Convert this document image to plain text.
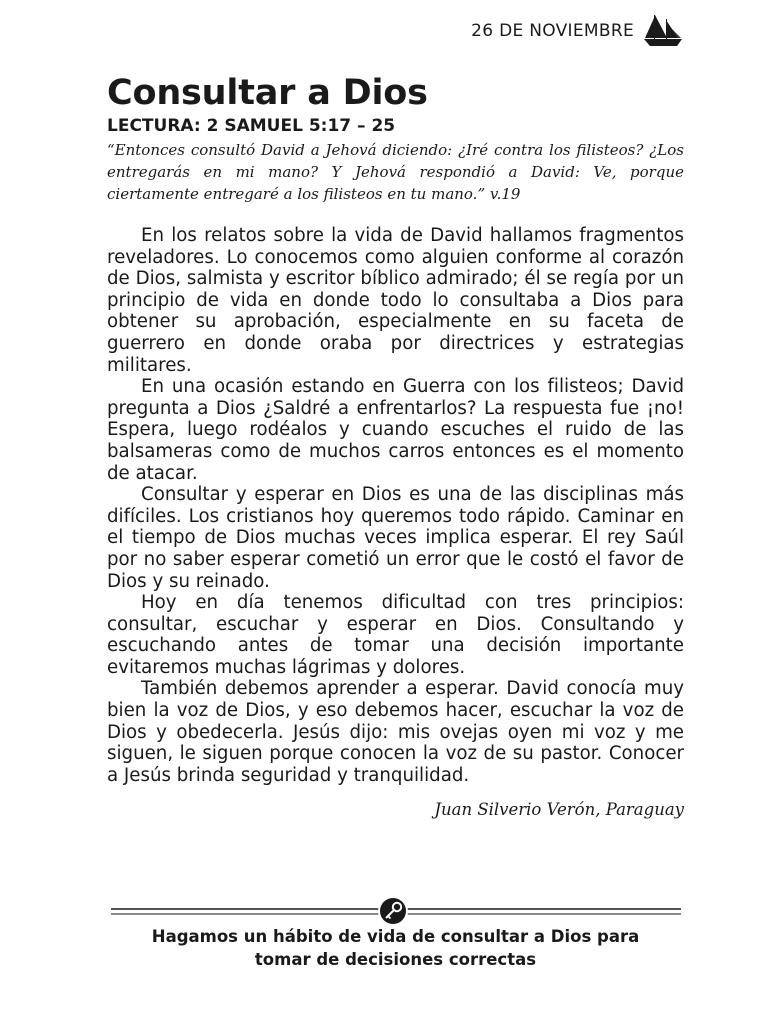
26 DE NOVIEMBRE
Consultar a Dios
LECTURA: 2 SAMUEL 5:17 – 25

“Entonces consultó David a Jehová diciendo: ¿Iré contra los filisteos? ¿Los entregarás en mi mano? Y Jehová respondió a David: Ve, porque ciertamente entregaré a los filisteos en tu mano.” v.19

En los relatos sobre la vida de David hallamos fragmentos reveladores. Lo conocemos como alguien conforme al corazón de Dios, salmista y escritor bíblico admirado; él se regía por un principio de vida en donde todo lo consultaba a Dios para obtener su aprobación, especialmente en su faceta de guerrero en donde oraba por directrices y estrategias militares.

En una ocasión estando en Guerra con los filisteos; David pregunta a Dios ¿Saldré a enfrentarlos? La respuesta fue ¡no! Espera, luego rodéalos y cuando escuches el ruido de las balsameras como de muchos carros entonces es el momento de atacar.

Consultar y esperar en Dios es una de las disciplinas más difíciles. Los cristianos hoy queremos todo rápido. Caminar en el tiempo de Dios muchas veces implica esperar. El rey Saúl por no saber esperar cometió un error que le costó el favor de Dios y su reinado.

Hoy en día tenemos dificultad con tres principios: consultar, escuchar y esperar en Dios. Consultando y escuchando antes de tomar una decisión importante evitaremos muchas lágrimas y dolores.

También debemos aprender a esperar. David conocía muy bien la voz de Dios, y eso debemos hacer, escuchar la voz de Dios y obedecerla. Jesús dijo: mis ovejas oyen mi voz y me siguen, le siguen porque conocen la voz de su pastor. Conocer a Jesús brinda seguridad y tranquilidad.

Juan Silverio Verón, Paraguay
Hagamos un hábito de vida de consultar a Dios para
tomar de decisiones correctas
